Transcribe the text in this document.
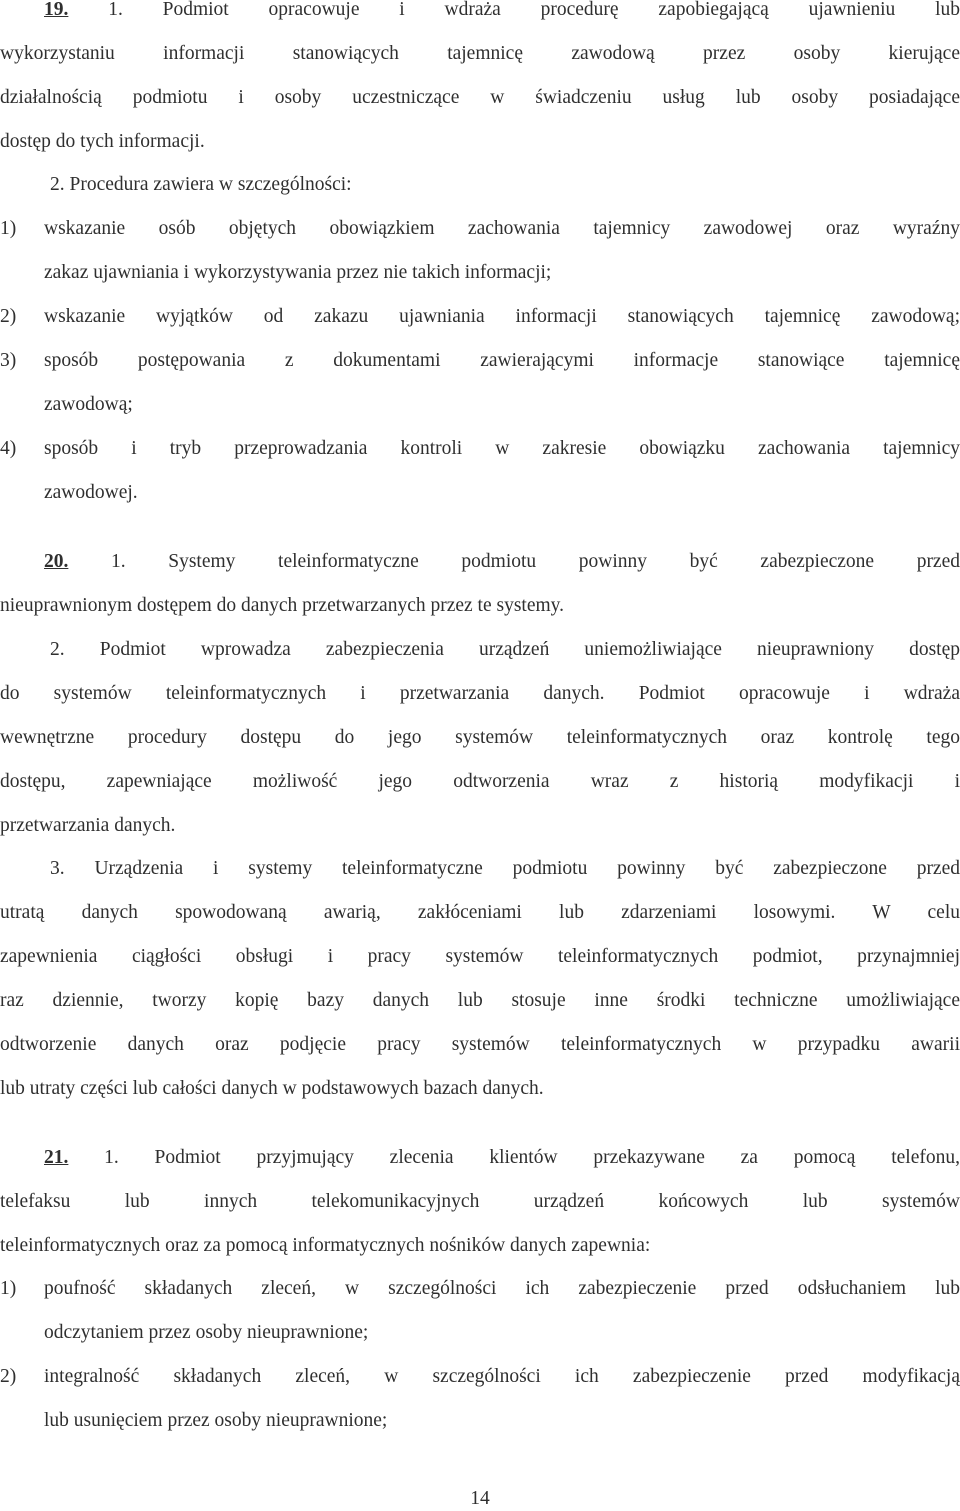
19. 1. Podmiot opracowuje i wdraża procedurę zapobiegającą ujawnieniu lub
wykorzystaniu informacji stanowiących tajemnicę zawodową przez osoby kierujące
działalnością podmiotu i osoby uczestniczące w świadczeniu usług lub osoby posiadające
dostęp do tych informacji.
2. Procedura zawiera w szczególności:
1) wskazanie osób objętych obowiązkiem zachowania tajemnicy zawodowej oraz wyraźny
zakaz ujawniania i wykorzystywania przez nie takich informacji;
2) wskazanie wyjątków od zakazu ujawniania informacji stanowiących tajemnicę zawodową;
3) sposób postępowania z dokumentami zawierającymi informacje stanowiące tajemnicę
zawodową;
4) sposób i tryb przeprowadzania kontroli w zakresie obowiązku zachowania tajemnicy
zawodowej.
20. 1. Systemy teleinformatyczne podmiotu powinny być zabezpieczone przed
nieuprawnionym dostępem do danych przetwarzanych przez te systemy.
2. Podmiot wprowadza zabezpieczenia urządzeń uniemożliwiające nieuprawniony dostęp
do systemów teleinformatycznych i przetwarzania danych. Podmiot opracowuje i wdraża
wewnętrzne procedury dostępu do jego systemów teleinformatycznych oraz kontrolę tego
dostępu, zapewniające możliwość jego odtworzenia wraz z historią modyfikacji i
przetwarzania danych.
3. Urządzenia i systemy teleinformatyczne podmiotu powinny być zabezpieczone przed
utratą danych spowodowaną awarią, zakłóceniami lub zdarzeniami losowymi. W celu
zapewnienia ciągłości obsługi i pracy systemów teleinformatycznych podmiot, przynajmniej
raz dziennie, tworzy kopię bazy danych lub stosuje inne środki techniczne umożliwiające
odtworzenie danych oraz podjęcie pracy systemów teleinformatycznych w przypadku awarii
lub utraty części lub całości danych w podstawowych bazach danych.
21. 1. Podmiot przyjmujący zlecenia klientów przekazywane za pomocą telefonu,
telefaksu lub innych telekomunikacyjnych urządzeń końcowych lub systemów
teleinformatycznych oraz za pomocą informatycznych nośników danych zapewnia:
1) poufność składanych zleceń, w szczególności ich zabezpieczenie przed odsłuchaniem lub
odczytaniem przez osoby nieuprawnione;
2) integralność składanych zleceń, w szczególności ich zabezpieczenie przed modyfikacją
lub usunięciem przez osoby nieuprawnione;
14
